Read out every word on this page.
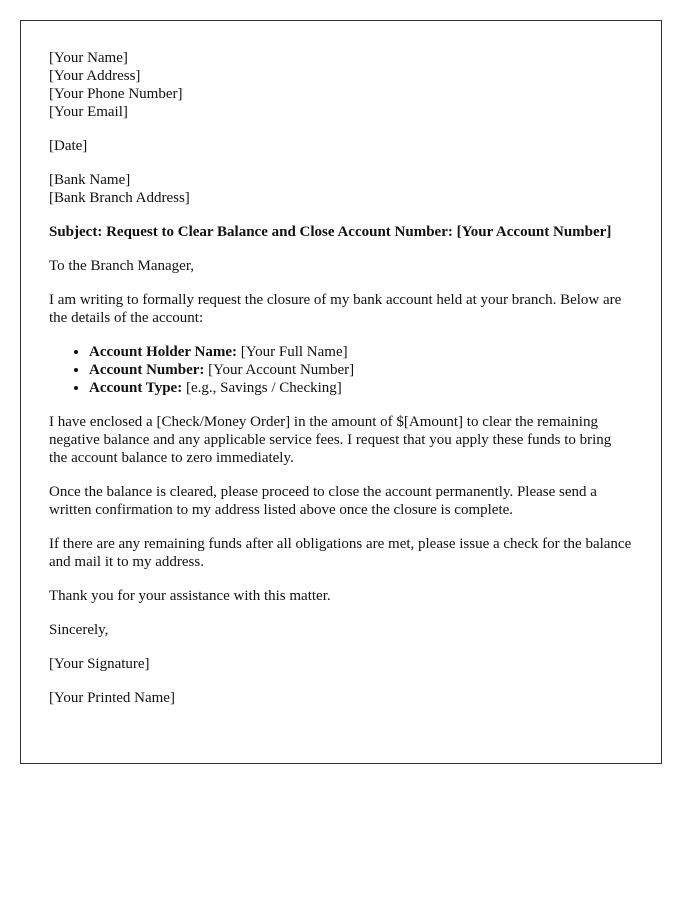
[Your Name]
[Your Address]
[Your Phone Number]
[Your Email]

[Date]

[Bank Name]
[Bank Branch Address]

Subject: Request to Clear Balance and Close Account Number: [Your Account Number]

To the Branch Manager,

I am writing to formally request the closure of my bank account held at your branch. Below are the details of the account:

• Account Holder Name: [Your Full Name]
• Account Number: [Your Account Number]
• Account Type: [e.g., Savings / Checking]

I have enclosed a [Check/Money Order] in the amount of $[Amount] to clear the remaining negative balance and any applicable service fees. I request that you apply these funds to bring the account balance to zero immediately.

Once the balance is cleared, please proceed to close the account permanently. Please send a written confirmation to my address listed above once the closure is complete.

If there are any remaining funds after all obligations are met, please issue a check for the balance and mail it to my address.

Thank you for your assistance with this matter.

Sincerely,

[Your Signature]

[Your Printed Name]
